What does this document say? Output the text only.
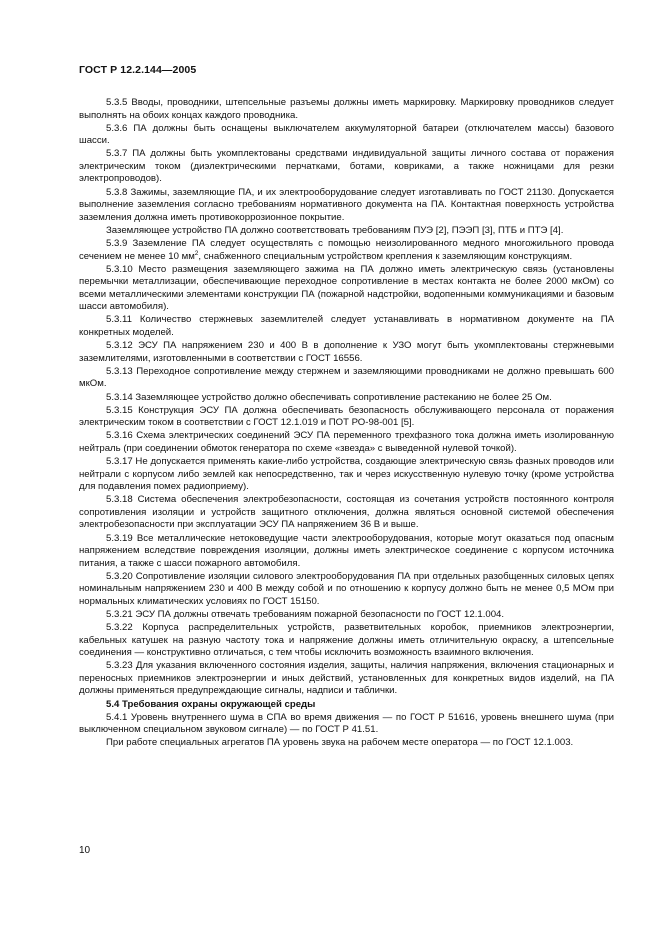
ГОСТ Р 12.2.144—2005

5.3.5 Вводы, проводники, штепсельные разъемы должны иметь маркировку. Маркировку проводников следует выполнять на обоих концах каждого проводника.

5.3.6 ПА должны быть оснащены выключателем аккумуляторной батареи (отключателем массы) базового шасси.

5.3.7 ПА должны быть укомплектованы средствами индивидуальной защиты личного состава от поражения электрическим током (диэлектрическими перчатками, ботами, ковриками, а также ножницами для резки электропроводов).

5.3.8 Зажимы, заземляющие ПА, и их электрооборудование следует изготавливать по ГОСТ 21130. Допускается выполнение заземления согласно требованиям нормативного документа на ПА. Контактная поверхность устройства заземления должна иметь противокоррозионное покрытие.

Заземляющее устройство ПА должно соответствовать требованиям ПУЭ [2], ПЭЭП [3], ПТБ и ПТЭ [4].

5.3.9 Заземление ПА следует осуществлять с помощью неизолированного медного многожильного провода сечением не менее 10 $мм^2$, снабженного специальным устройством крепления к заземляющим конструкциям.

5.3.10 Место размещения заземляющего зажима на ПА должно иметь электрическую связь (установлены перемычки металлизации, обеспечивающие переходное сопротивление в местах контакта не более 2000 мкОм) со всеми металлическими элементами конструкции ПА (пожарной надстройки, водопенными коммуникациями и базовым шасси автомобиля).

5.3.11 Количество стержневых заземлителей следует устанавливать в нормативном документе на ПА конкретных моделей.

5.3.12 ЭСУ ПА напряжением 230 и 400 В в дополнение к УЗО могут быть укомплектованы стержневыми заземлителями, изготовленными в соответствии с ГОСТ 16556.

5.3.13 Переходное сопротивление между стержнем и заземляющими проводниками не должно превышать 600 мкОм.

5.3.14 Заземляющее устройство должно обеспечивать сопротивление растеканию не более 25 Ом.

5.3.15 Конструкция ЭСУ ПА должна обеспечивать безопасность обслуживающего персонала от поражения электрическим током в соответствии с ГОСТ 12.1.019 и ПОТ РО-98-001 [5].

5.3.16 Схема электрических соединений ЭСУ ПА переменного трехфазного тока должна иметь изолированную нейтраль (при соединении обмоток генератора по схеме «звезда» с выведенной нулевой точкой).

5.3.17 Не допускается применять какие-либо устройства, создающие электрическую связь фазных проводов или нейтрали с корпусом либо землей как непосредственно, так и через искусственную нулевую точку (кроме устройства для подавления помех радиоприему).

5.3.18 Система обеспечения электробезопасности, состоящая из сочетания устройств постоянного контроля сопротивления изоляции и устройств защитного отключения, должна являться основной системой обеспечения электробезопасности при эксплуатации ЭСУ ПА напряжением 36 В и выше.

5.3.19 Все металлические нетоковедущие части электрооборудования, которые могут оказаться под опасным напряжением вследствие повреждения изоляции, должны иметь электрическое соединение с корпусом источника питания, а также с шасси пожарного автомобиля.

5.3.20 Сопротивление изоляции силового электрооборудования ПА при отдельных разобщенных силовых цепях номинальным напряжением 230 и 400 В между собой и по отношению к корпусу должно быть не менее 0,5 МОм при нормальных климатических условиях по ГОСТ 15150.

5.3.21 ЭСУ ПА должны отвечать требованиям пожарной безопасности по ГОСТ 12.1.004.

5.3.22 Корпуса распределительных устройств, разветвительных коробок, приемников электроэнергии, кабельных катушек на разную частоту тока и напряжение должны иметь отличительную окраску, а штепсельные соединения — конструктивно отличаться, с тем чтобы исключить возможность взаимного включения.

5.3.23 Для указания включенного состояния изделия, защиты, наличия напряжения, включения стационарных и переносных приемников электроэнергии и иных действий, установленных для конкретных видов изделий, на ПА должны применяться предупреждающие сигналы, надписи и таблички.

5.4 Требования охраны окружающей среды

5.4.1 Уровень внутреннего шума в СПА во время движения — по ГОСТ Р 51616, уровень внешнего шума (при выключенном специальном звуковом сигнале) — по ГОСТ Р 41.51.

При работе специальных агрегатов ПА уровень звука на рабочем месте оператора — по ГОСТ 12.1.003.

10
